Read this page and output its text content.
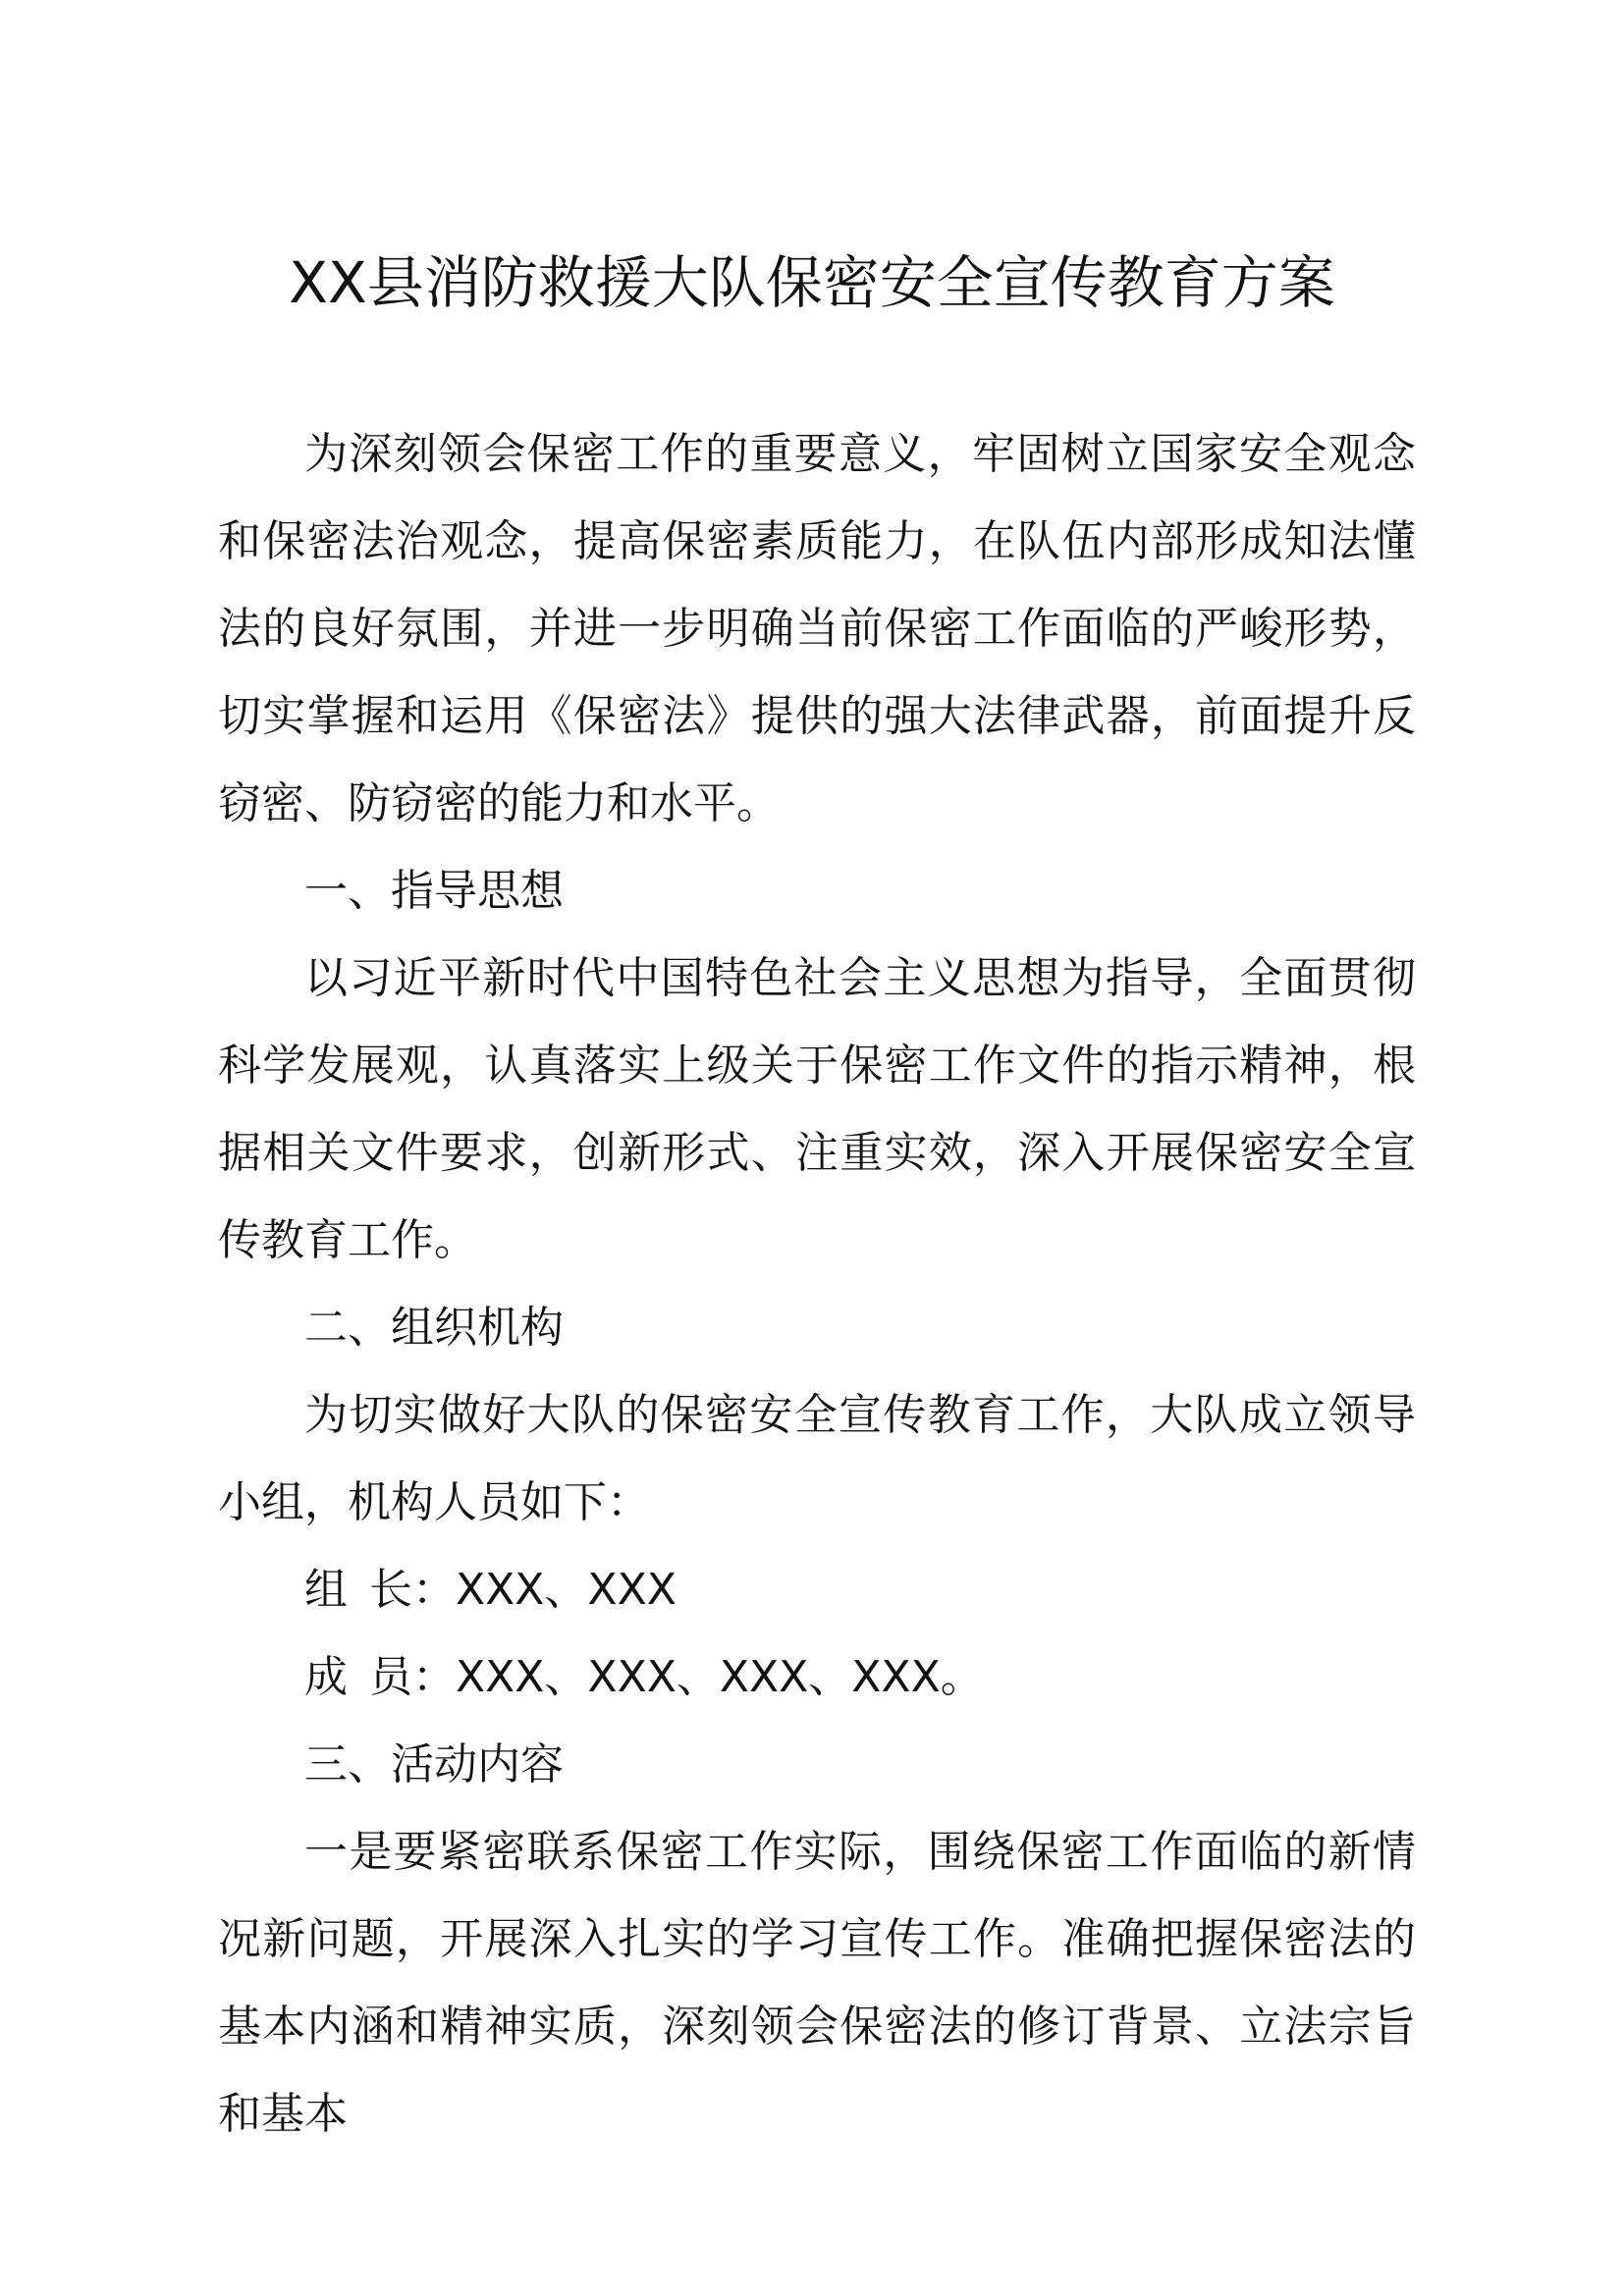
XX县消防救援大队保密安全宣传教育方案

为深刻领会保密工作的重要意义，牢固树立国家安全观念和保密法治观念，提高保密素质能力，在队伍内部形成知法懂法的良好氛围，并进一步明确当前保密工作面临的严峻形势，切实掌握和运用《保密法》提供的强大法律武器，前面提升反窃密、防窃密的能力和水平。

一、指导思想

以习近平新时代中国特色社会主义思想为指导，全面贯彻科学发展观，认真落实上级关于保密工作文件的指示精神，根据相关文件要求，创新形式、注重实效，深入开展保密安全宣传教育工作。

二、组织机构

为切实做好大队的保密安全宣传教育工作，大队成立领导小组，机构人员如下：

组 长：XXX、XXX

成 员：XXX、XXX、XXX、XXX。

三、活动内容

一是要紧密联系保密工作实际，围绕保密工作面临的新情况新问题，开展深入扎实的学习宣传工作。准确把握保密法的基本内涵和精神实质，深刻领会保密法的修订背景、立法宗旨和基本
